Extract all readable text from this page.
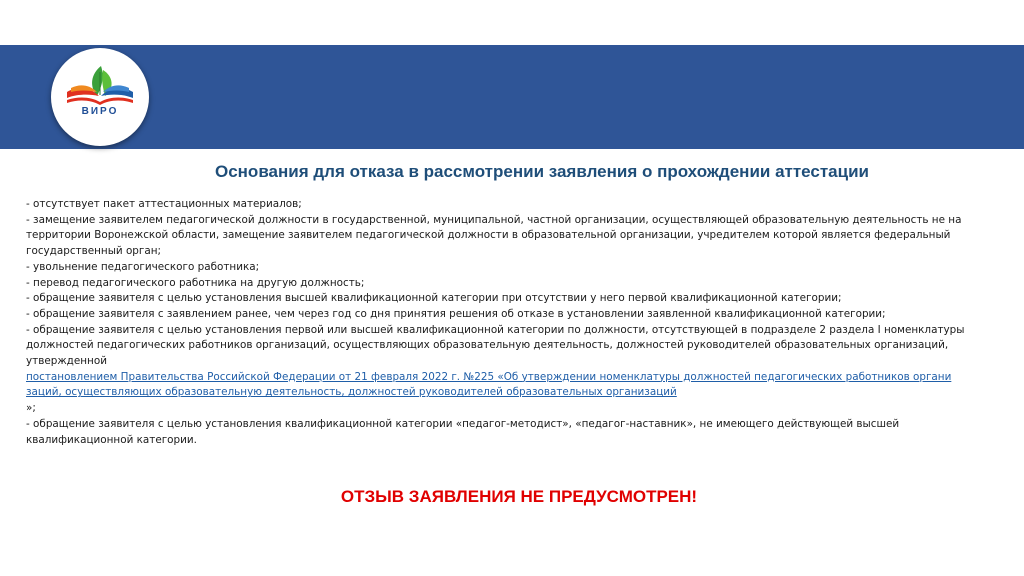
ВИРО
Основания для отказа в рассмотрении заявления о прохождении аттестации

- отсутствует пакет аттестационных материалов;

- замещение заявителем педагогической должности в государственной, муниципальной, частной организации, осуществляющей образовательную деятельность не на территории Воронежской области, замещение заявителем педагогической должности в образовательной организации, учредителем которой является федеральный государственный орган;

- увольнение педагогического работника;

- перевод педагогического работника на другую должность;

- обращение заявителя с целью установления высшей квалификационной категории при отсутствии у него первой квалификационной категории;

- обращение заявителя с заявлением ранее, чем через год со дня принятия решения об отказе в установлении заявленной квалификационной категории;

- обращение заявителя с целью установления первой или высшей квалификационной категории по должности, отсутствующей в подразделе 2 раздела I номенклатуры должностей педагогических работников организаций, осуществляющих образовательную деятельность, должностей руководителей образовательных организаций, утвержденной

постановлением Правительства Российской Федерации от 21 февраля 2022 г. №225 «Об утверждении номенклатуры должностей педагогических работников органи
заций, осуществляющих образовательную деятельность, должностей руководителей образовательных организаций

»;

- обращение заявителя с целью установления квалификационной категории «педагог-методист», «педагог-наставник», не имеющего действующей высшей квалификационной категории.

ОТЗЫВ ЗАЯВЛЕНИЯ НЕ ПРЕДУСМОТРЕН!
